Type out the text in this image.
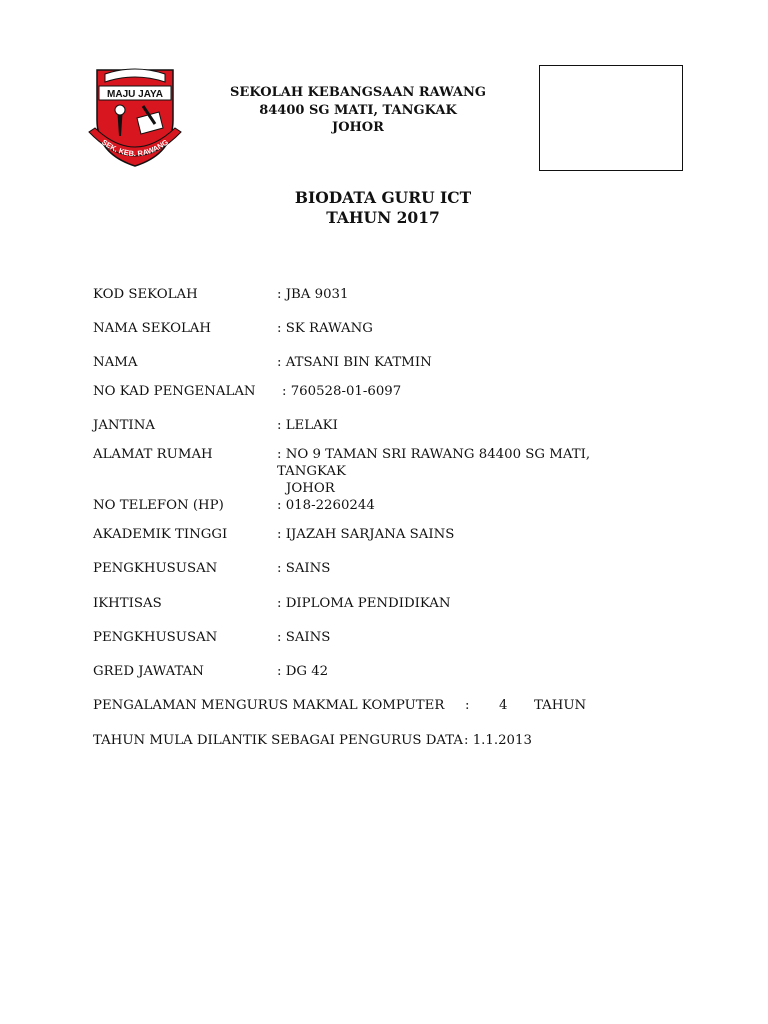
MAJU JAYA
SEK. KEB. RAWANG
SEKOLAH KEBANGSAAN RAWANG
84400 SG MATI, TANGKAK
JOHOR
BIODATA GURU ICT
TAHUN 2017
KOD SEKOLAH	: JBA 9031
NAMA SEKOLAH	: SK RAWANG
NAMA	: ATSANI BIN KATMIN
NO KAD PENGENALAN : 760528-01-6097
JANTINA	: LELAKI
ALAMAT RUMAH	: NO 9 TAMAN SRI RAWANG 84400 SG MATI, TANGKAK
JOHOR
NO TELEFON (HP)	: 018-2260244
AKADEMIK TINGGI	: IJAZAH SARJANA SAINS
PENGKHUSUSAN	: SAINS
IKHTISAS	: DIPLOMA PENDIDIKAN
PENGKHUSUSAN	: SAINS
GRED JAWATAN	: DG 42
PENGALAMAN MENGURUS MAKMAL KOMPUTER : 4 TAHUN
TAHUN MULA DILANTIK SEBAGAI PENGURUS DATA : 1.1.2013
